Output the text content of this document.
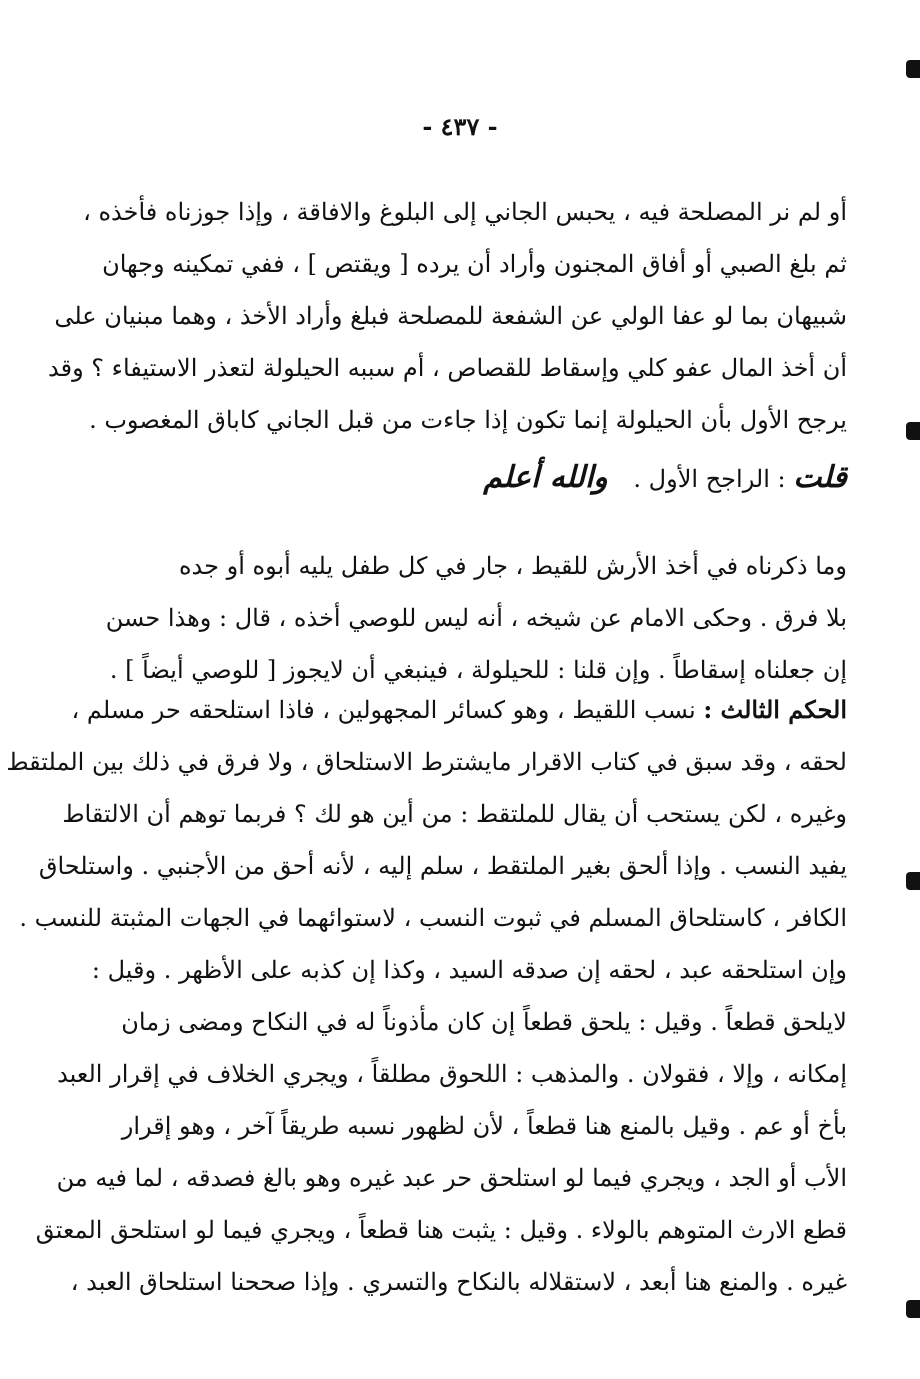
- ٤٣٧ -
أو لم نر المصلحة فيه ، يحبس الجاني إلى البلوغ والافاقة ، وإذا جوزناه فأخذه ،
ثم بلغ الصبي أو أفاق المجنون وأراد أن يرده [ ويقتص ] ، ففي تمكينه وجهان
شبيهان بما لو عفا الولي عن الشفعة للمصلحة فبلغ وأراد الأخذ ، وهما مبنيان على
أن أخذ المال عفو كلي وإسقاط للقصاص ، أم سببه الحيلولة لتعذر الاستيفاء ؟ وقد
يرجح الأول بأن الحيلولة إنما تكون إذا جاءت من قبل الجاني كاباق المغصوب .
قلت : الراجح الأول . والله أعلم
وما ذكرناه في أخذ الأرش للقيط ، جار في كل طفل يليه أبوه أو جده
بلا فرق . وحكى الامام عن شيخه ، أنه ليس للوصي أخذه ، قال : وهذا حسن
إن جعلناه إسقاطاً . وإن قلنا : للحيلولة ، فينبغي أن لايجوز [ للوصي أيضاً ] .
الحكم الثالث : نسب اللقيط ، وهو كسائر المجهولين ، فاذا استلحقه حر مسلم ،
لحقه ، وقد سبق في كتاب الاقرار مايشترط الاستلحاق ، ولا فرق في ذلك بين الملتقط
وغيره ، لكن يستحب أن يقال للملتقط : من أين هو لك ؟ فربما توهم أن الالتقاط
يفيد النسب . وإذا ألحق بغير الملتقط ، سلم إليه ، لأنه أحق من الأجنبي . واستلحاق
الكافر ، كاستلحاق المسلم في ثبوت النسب ، لاستوائهما في الجهات المثبتة للنسب .
وإن استلحقه عبد ، لحقه إن صدقه السيد ، وكذا إن كذبه على الأظهر . وقيل :
لايلحق قطعاً . وقيل : يلحق قطعاً إن كان مأذوناً له في النكاح ومضى زمان
إمكانه ، وإلا ، فقولان . والمذهب : اللحوق مطلقاً ، ويجري الخلاف في إقرار العبد
بأخ أو عم . وقيل بالمنع هنا قطعاً ، لأن لظهور نسبه طريقاً آخر ، وهو إقرار
الأب أو الجد ، ويجري فيما لو استلحق حر عبد غيره وهو بالغ فصدقه ، لما فيه من
قطع الارث المتوهم بالولاء . وقيل : يثبت هنا قطعاً ، ويجري فيما لو استلحق المعتق
غيره . والمنع هنا أبعد ، لاستقلاله بالنكاح والتسري . وإذا صححنا استلحاق العبد ،
